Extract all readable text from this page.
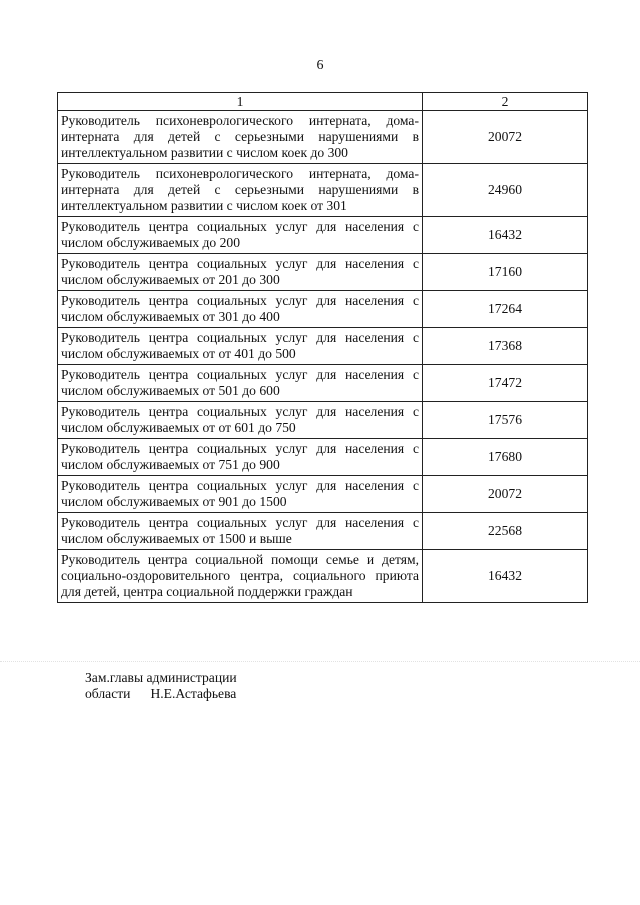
6
1	2
Руководитель психоневрологического интерната, дома-интерната для детей с серьезными нарушениями в интеллектуальном развитии с числом коек до 300	20072
Руководитель психоневрологического интерната, дома-интерната для детей с серьезными нарушениями в интеллектуальном развитии с числом коек от 301	24960
Руководитель центра социальных услуг для населения с числом обслуживаемых до 200	16432
Руководитель центра социальных услуг для населения с числом обслуживаемых от 201 до 300	17160
Руководитель центра социальных услуг для населения с числом обслуживаемых от 301 до 400	17264
Руководитель центра социальных услуг для населения с числом обслуживаемых от от 401 до 500	17368
Руководитель центра социальных услуг для населения с числом обслуживаемых от 501 до 600	17472
Руководитель центра социальных услуг для населения с числом обслуживаемых от от 601 до 750	17576
Руководитель центра социальных услуг для населения с числом обслуживаемых от 751 до 900	17680
Руководитель центра социальных услуг для населения с числом обслуживаемых от 901 до 1500	20072
Руководитель центра социальных услуг для населения с числом обслуживаемых от 1500 и выше	22568
Руководитель центра социальной помощи семье и детям, социально-оздоровительного центра, социального приюта для детей, центра социальной поддержки граждан	16432
Зам.главы администрации
области Н.Е.Астафьева
